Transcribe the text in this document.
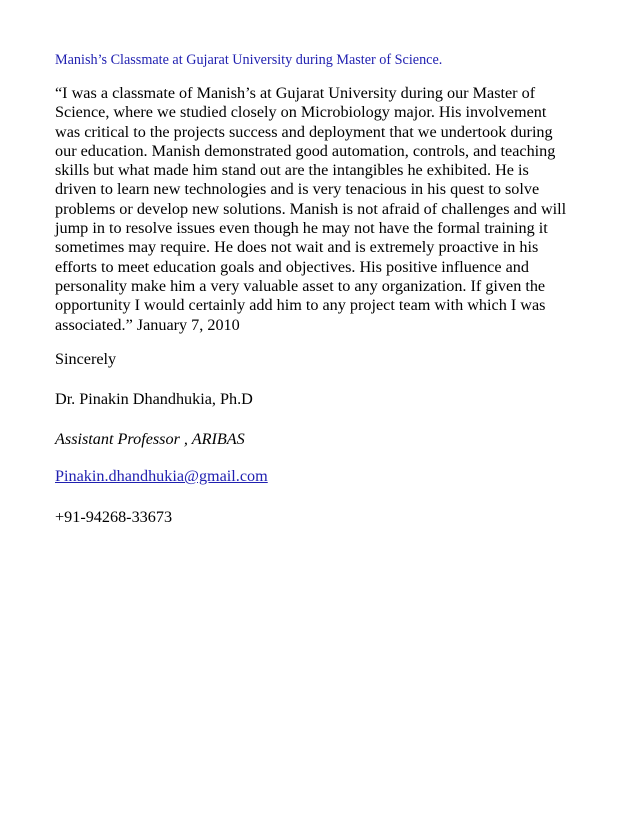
Manish’s Classmate at Gujarat University during Master of Science.
“I was a classmate of Manish’s at Gujarat University during our Master of
Science, where we studied closely on Microbiology major. His involvement
was critical to the projects success and deployment that we undertook during
our education. Manish demonstrated good automation, controls, and teaching
skills but what made him stand out are the intangibles he exhibited. He is
driven to learn new technologies and is very tenacious in his quest to solve
problems or develop new solutions. Manish is not afraid of challenges and will
jump in to resolve issues even though he may not have the formal training it
sometimes may require. He does not wait and is extremely proactive in his
efforts to meet education goals and objectives. His positive influence and
personality make him a very valuable asset to any organization. If given the
opportunity I would certainly add him to any project team with which I was
associated.” January 7, 2010
Sincerely
Dr. Pinakin Dhandhukia, Ph.D
Assistant Professor , ARIBAS
Pinakin.dhandhukia@gmail.com
+91-94268-33673
